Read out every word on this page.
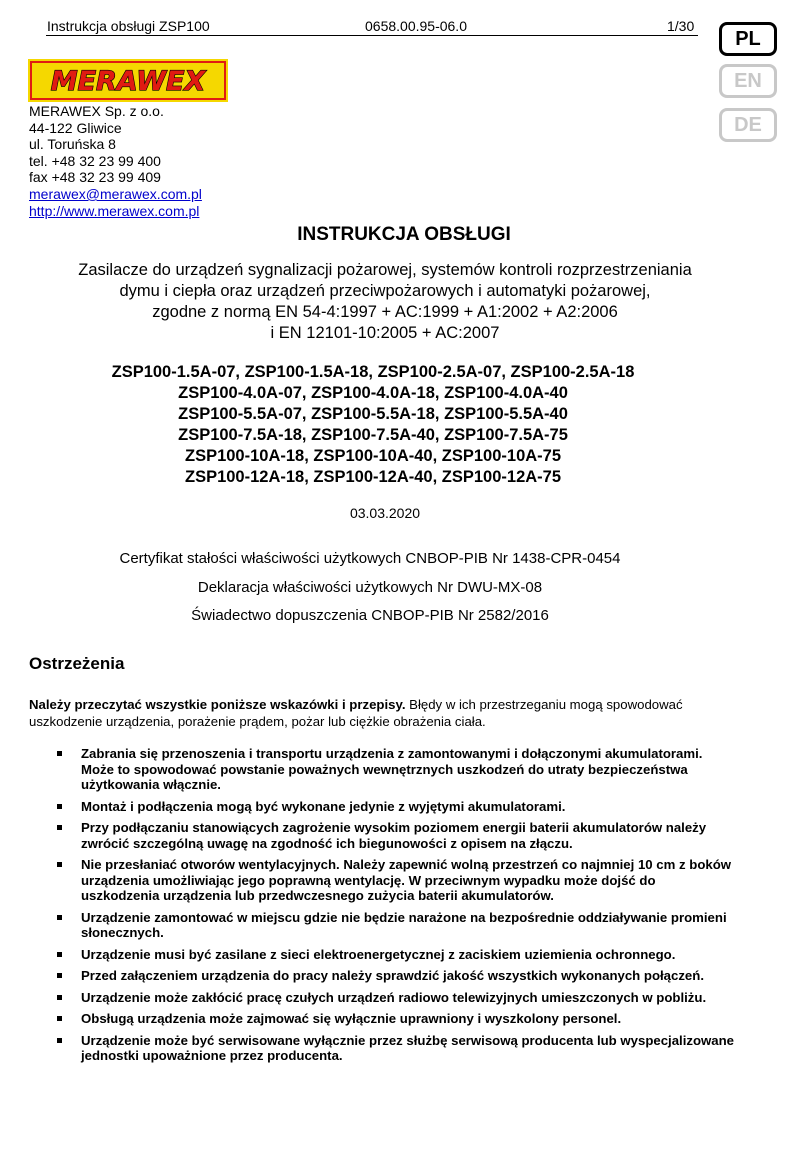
Instrukcja obsługi ZSP100	0658.00.95-06.0	1/30
PL
EN
DE
MERAWEX
MERAWEX Sp. z o.o.
44-122 Gliwice
ul. Toruńska 8
tel. +48 32 23 99 400
fax +48 32 23 99 409
merawex@merawex.com.pl
http://www.merawex.com.pl
INSTRUKCJA OBSŁUGI
Zasilacze do urządzeń sygnalizacji pożarowej, systemów kontroli rozprzestrzeniania
dymu i ciepła oraz urządzeń przeciwpożarowych i automatyki pożarowej,
zgodne z normą EN 54-4:1997 + AC:1999 + A1:2002 + A2:2006
i EN 12101-10:2005 + AC:2007
ZSP100-1.5A-07, ZSP100-1.5A-18, ZSP100-2.5A-07, ZSP100-2.5A-18
ZSP100-4.0A-07, ZSP100-4.0A-18, ZSP100-4.0A-40
ZSP100-5.5A-07, ZSP100-5.5A-18, ZSP100-5.5A-40
ZSP100-7.5A-18, ZSP100-7.5A-40, ZSP100-7.5A-75
ZSP100-10A-18, ZSP100-10A-40, ZSP100-10A-75
ZSP100-12A-18, ZSP100-12A-40, ZSP100-12A-75
03.03.2020
Certyfikat stałości właściwości użytkowych CNBOP-PIB Nr 1438-CPR-0454
Deklaracja właściwości użytkowych Nr DWU-MX-08
Świadectwo dopuszczenia CNBOP-PIB Nr 2582/2016
Ostrzeżenia
Należy przeczytać wszystkie poniższe wskazówki i przepisy. Błędy w ich przestrzeganiu mogą spowodować uszkodzenie urządzenia, porażenie prądem, pożar lub ciężkie obrażenia ciała.
Zabrania się przenoszenia i transportu urządzenia z zamontowanymi i dołączonymi akumulatorami. Może to spowodować powstanie poważnych wewnętrznych uszkodzeń do utraty bezpieczeństwa użytkowania włącznie.
Montaż i podłączenia mogą być wykonane jedynie z wyjętymi akumulatorami.
Przy podłączaniu stanowiących zagrożenie wysokim poziomem energii baterii akumulatorów należy zwrócić szczególną uwagę na zgodność ich biegunowości z opisem na złączu.
Nie przesłaniać otworów wentylacyjnych. Należy zapewnić wolną przestrzeń co najmniej 10 cm z boków urządzenia umożliwiając jego poprawną wentylację. W przeciwnym wypadku może dojść do uszkodzenia urządzenia lub przedwczesnego zużycia baterii akumulatorów.
Urządzenie zamontować w miejscu gdzie nie będzie narażone na bezpośrednie oddziaływanie promieni słonecznych.
Urządzenie musi być zasilane z sieci elektroenergetycznej z zaciskiem uziemienia ochronnego.
Przed załączeniem urządzenia do pracy należy sprawdzić jakość wszystkich wykonanych połączeń.
Urządzenie może zakłócić pracę czułych urządzeń radiowo telewizyjnych umieszczonych w pobliżu.
Obsługą urządzenia może zajmować się wyłącznie uprawniony i wyszkolony personel.
Urządzenie może być serwisowane wyłącznie przez służbę serwisową producenta lub wyspecjalizowane jednostki upoważnione przez producenta.
